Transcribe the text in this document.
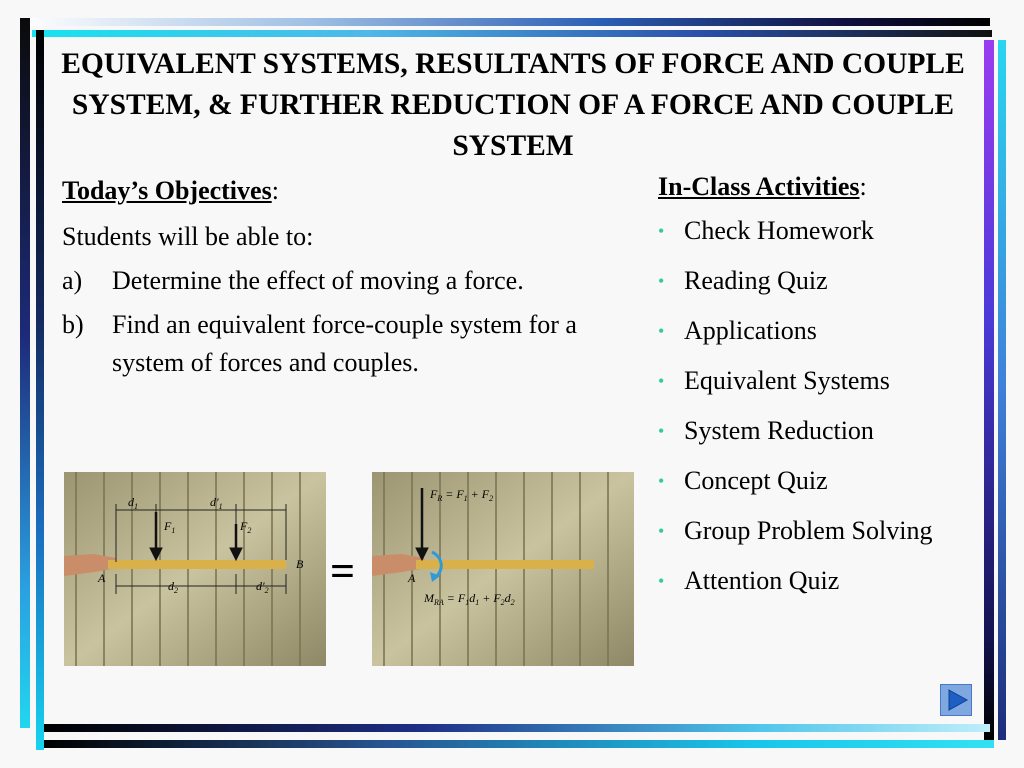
EQUIVALENT SYSTEMS, RESULTANTS OF FORCE AND COUPLE SYSTEM, & FURTHER REDUCTION OF A FORCE AND COUPLE SYSTEM
Today’s Objectives:
Students will be able to:
a)	Determine the effect of moving a force.
b)	Find an equivalent force-couple system for a system of forces and couples.
In-Class Activities:
• Check Homework
• Reading Quiz
• Applications
• Equivalent Systems
• System Reduction
• Concept Quiz
• Group Problem Solving
• Attention Quiz
$d_1$	$d'_1$
$F_1$	$F_2$
A
B
$d_2$	$d'_2$ =
$F_R = F_1 + F_2$
A
$M_{RA} = F_1d_1 + F_2d_2$
